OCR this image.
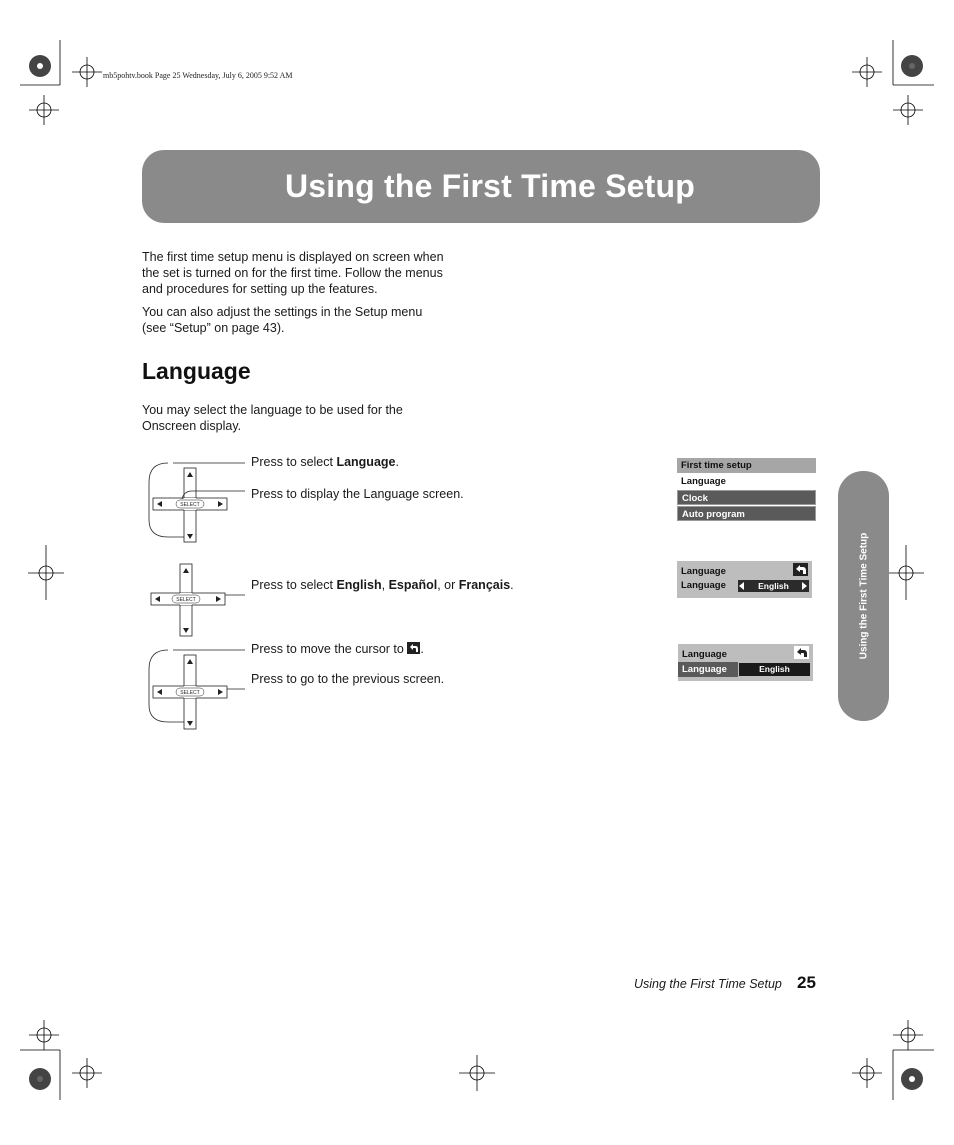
mb5pohtv.book Page 25 Wednesday, July 6, 2005 9:52 AM
Using the First Time Setup
The first time setup menu is displayed on screen when
the set is turned on for the first time. Follow the menus
and procedures for setting up the features.
You can also adjust the settings in the Setup menu
(see “Setup” on page 43).
Language
You may select the language to be used for the
Onscreen display.
SELECT
SELECT
SELECT
Press to select Language.
Press to display the Language screen.
Press to select English, Español, or Français.
Press to move the cursor to
.
Press to go to the previous screen.
First time setup
Language
Clock
Auto program
Language
Language	English
Language
Language	English
Using the First Time Setup
Using the First Time Setup 25
